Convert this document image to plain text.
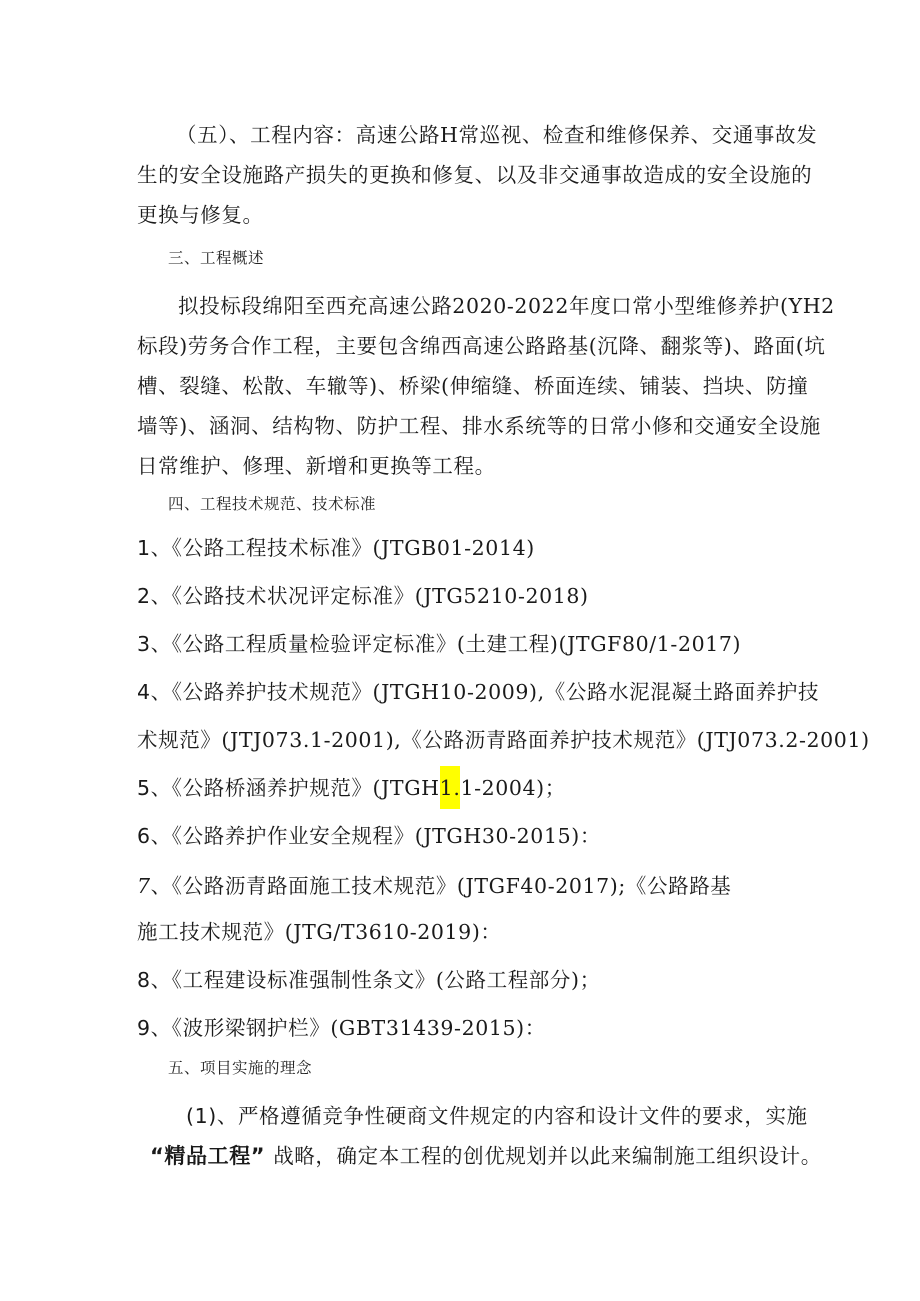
（五）、工程内容：高速公路H常巡视、检查和维修保养、交通事故发
生的安全设施路产损失的更换和修复、以及非交通事故造成的安全设施的
更换与修复。
三、工程概述
拟投标段绵阳至西充高速公路2020-2022年度口常小型维修养护(YH2
标段)劳务合作工程，主要包含绵西高速公路路基(沉降、翻浆等)、路面(坑
槽、裂缝、松散、车辙等)、桥梁(伸缩缝、桥面连续、铺装、挡块、防撞
墙等)、涵洞、结构物、防护工程、排水系统等的日常小修和交通安全设施
日常维护、修理、新增和更换等工程。
四、工程技术规范、技术标准
1、《公路工程技术标准》(JTGB01-2014)
2、《公路技术状况评定标准》(JTG5210-2018)
3、《公路工程质量检验评定标准》(土建工程)(JTGF80/1-2017)
4、《公路养护技术规范》(JTGH10-2009),《公路水泥混凝土路面养护技
术规范》(JTJ073.1-2001),《公路沥青路面养护技术规范》(JTJ073.2-2001)
5、《公路桥涵养护规范》(JTGH1.1-2004)；
6、《公路养护作业安全规程》(JTGH30-2015)：
7、《公路沥青路面施工技术规范》(JTGF40-2017);《公路路基
施工技术规范》(JTG/T3610-2019)：
8、《工程建设标准强制性条文》(公路工程部分)；
9、《波形梁钢护栏》(GBT31439-2015)：
五、项目实施的理念
(1)、严格遵循竞争性硬商文件规定的内容和设计文件的要求，实施
“精品工程” 战略，确定本工程的创优规划并以此来编制施工组织设计。
